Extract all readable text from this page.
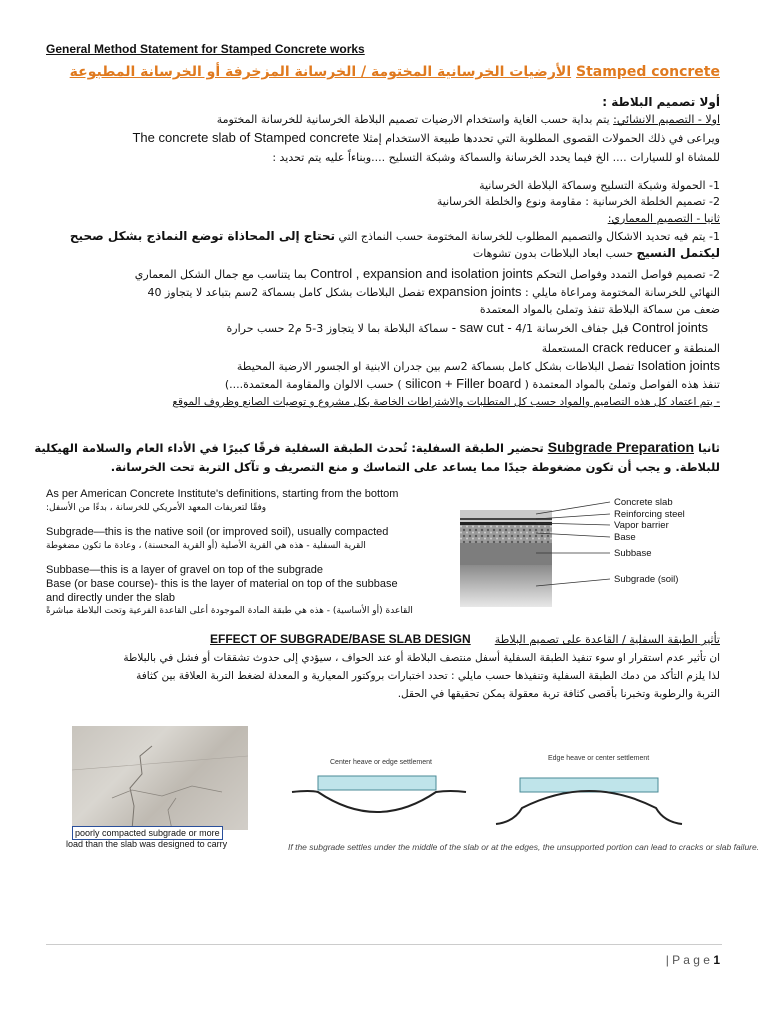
General Method Statement for Stamped Concrete works
الأرضيات الخرسانية المختومة / الخرسانة المزخرفة أو الخرسانة المطبوعة Stamped concrete
أولا تصميم البلاطة :
اولا - التصميم الانشائي: يتم بداية حسب الغاية واستخدام الارضيات تصميم البلاطة الخرسانية للخرسانة المختومة
ويراعى في ذلك الحمولات القصوى المطلوبة التي تحددها طبيعة الاستخدام إمثلا The concrete slab of Stamped concrete
للمشاة او للسيارات .... الخ فيما يحدد الخرسانة والسماكة وشبكة التسليح ....وبناءاً عليه يتم تحديد :
1- الحمولة وشبكة التسليح وسماكة البلاطة الخرسانية
2- تصميم الخلطة الخرسانية : مقاومة ونوع والخلطة الخرسانية
ثانيا - التصميم المعماري:
1- يتم فيه تحديد الاشكال والتصميم المطلوب للخرسانة المختومة حسب النماذج التي تحتاج إلى المحاذاة توضع النماذج بشكل صحيح
ليكتمل النسيج حسب ابعاد البلاطات بدون تشوهات
2- تصميم فواصل التمدد وفواصل التحكم Control , expansion and isolation joints بما يتناسب مع جمال الشكل المعماري
النهائي للخرسانة المختومة ومراعاة مايلي : expansion joints تفصل البلاطات بشكل كامل بسماكة 2سم بتباعد لا يتجاوز 40
ضعف من سماكة البلاطة تنفذ وتملئ بالمواد المعتمدة
Control joints قبل جفاف الخرسانة - saw cut - 4/1 سماكة البلاطة بما لا يتجاوز 3-5 م2 حسب حرارة
المنطقة و crack reducer المستعملة
Isolation joints تفصل البلاطات بشكل كامل بسماكة 2سم بين جدران الابنية او الجسور الارضية المحيطة
تنفذ هذه الفواصل وتملئ بالمواد المعتمدة ( silicon + Filler board ) حسب الالوان والمقاومة المعتمدة....)
- يتم اعتماد كل هذه التصاميم والمواد حسب كل المتطلبات والاشتراطات الخاصة بكل مشروع و توصيات الصانع وظروف الموقع
ثانيا Subgrade Preparation تحضير الطبقة السفلية: تُحدث الطبقة السفلية فرقًا كبيرًا في الأداء العام والسلامة الهيكلية
للبلاطة. و يجب أن تكون مضغوطة جيدًا مما يساعد على التماسك و منع التصريف و تآكل التربة تحت الخرسانة.
As per American Concrete Institute's definitions, starting from the bottom
وفقًا لتعريفات المعهد الأمريكي للخرسانة ، بدءًا من الأسفل:
Subgrade—this is the native soil (or improved soil), usually compacted
القرية السفلية - هذه هي القرية الأصلية (أو القرية المحسنة) ، وعادة ما تكون مضغوطة
Subbase—this is a layer of gravel on top of the subgrade
Base (or base course)- this is the layer of material on top of the subbase
and directly under the slab
القاعدة (أو الأساسية) - هذه هي طبقة المادة الموجودة أعلى القاعدة الفرعية وتحت البلاطة مباشرةً
Concrete slab
Reinforcing steel
Vapor barrier
Base
Subbase
Subgrade (soil)
EFFECT OF SUBGRADE/BASE SLAB DESIGN تأثير الطبقة السفلية / القاعدة على تصميم البلاطة
ان تأثير عدم استقرار او سوء تنفيذ الطبقة السفلية أسفل منتصف البلاطة أو عند الحواف ، سيؤدي إلى حدوث تشققات أو فشل في بالبلاطة
لذا يلزم التأكد من دمك الطبقة السفلية وتنفيذها حسب مايلي : تحدد اختبارات بروكتور المعيارية و المعدلة لضغط التربة العلاقة بين كثافة
التربة والرطوبة وتخبرنا بأقصى كثافة تربة معقولة يمكن تحقيقها في الحقل.
poorly compacted subgrade or more
load than the slab was designed to carry
Center heave or edge settlement
Edge heave or center settlement
If the subgrade settles under the middle of the slab or at the edges, the unsupported portion can lead to cracks or slab failure.
| P a g e 1
